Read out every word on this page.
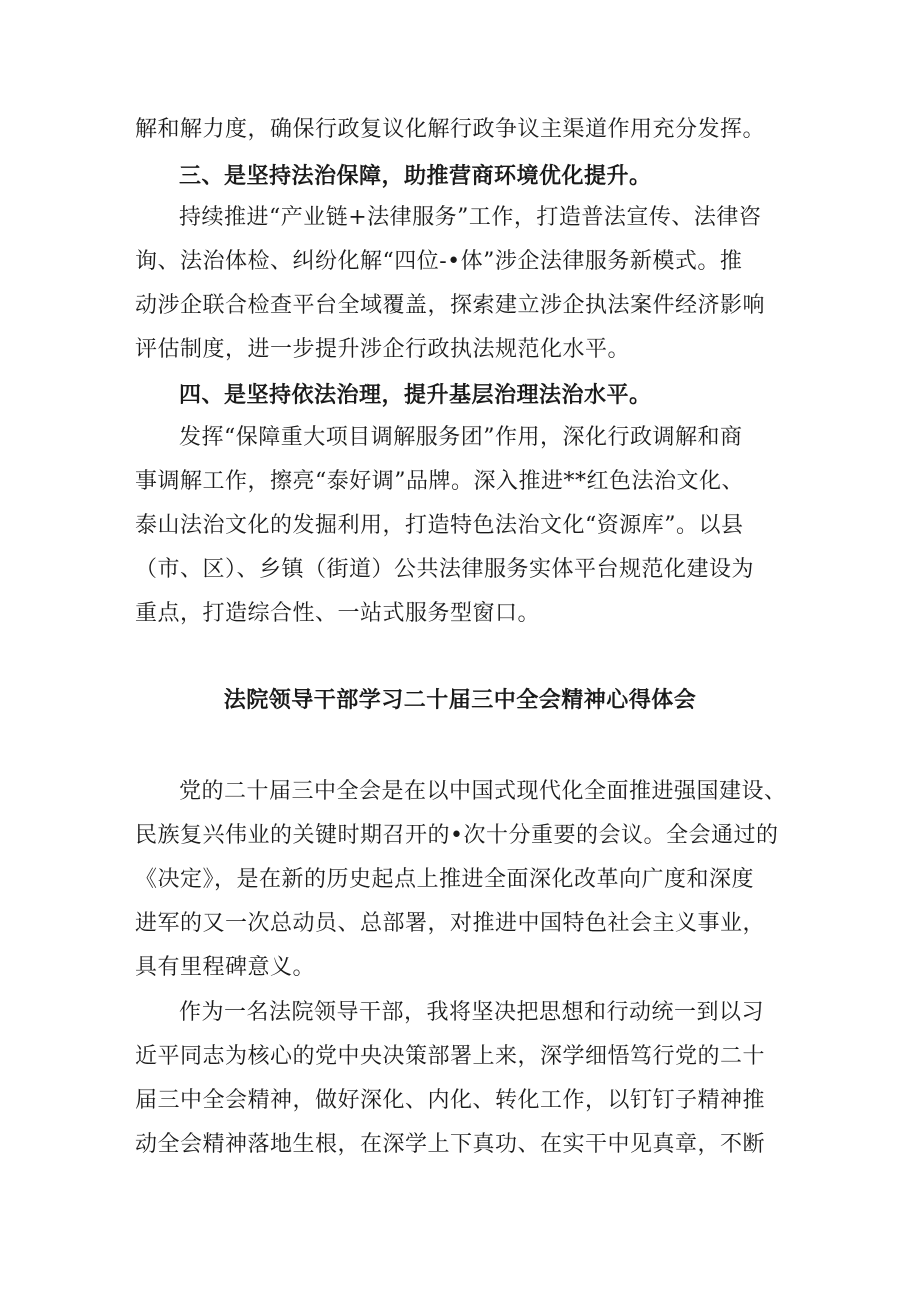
解和解力度，确保行政复议化解行政争议主渠道作用充分发挥。
三、是坚持法治保障，助推营商环境优化提升。
持续推进“产业链+法律服务”工作，打造普法宣传、法律咨
询、法治体检、纠纷化解“四位-•体”涉企法律服务新模式。推
动涉企联合检查平台全域覆盖，探索建立涉企执法案件经济影响
评估制度，进一步提升涉企行政执法规范化水平。
四、是坚持依法治理，提升基层治理法治水平。
发挥“保障重大项目调解服务团”作用，深化行政调解和商
事调解工作，擦亮“泰好调”品牌。深入推进**红色法治文化、
泰山法治文化的发掘利用，打造特色法治文化“资源库”。以县
（市、区）、乡镇（街道）公共法律服务实体平台规范化建设为
重点，打造综合性、一站式服务型窗口。
法院领导干部学习二十届三中全会精神心得体会
党的二十届三中全会是在以中国式现代化全面推进强国建设、
民族复兴伟业的关键时期召开的•次十分重要的会议。全会通过的
《决定》，是在新的历史起点上推进全面深化改革向广度和深度
进军的又一次总动员、总部署，对推进中国特色社会主义事业，
具有里程碑意义。
作为一名法院领导干部，我将坚决把思想和行动统一到以习
近平同志为核心的党中央决策部署上来，深学细悟笃行党的二十
届三中全会精神，做好深化、内化、转化工作，以钉钉子精神推
动全会精神落地生根，在深学上下真功、在实干中见真章，不断
